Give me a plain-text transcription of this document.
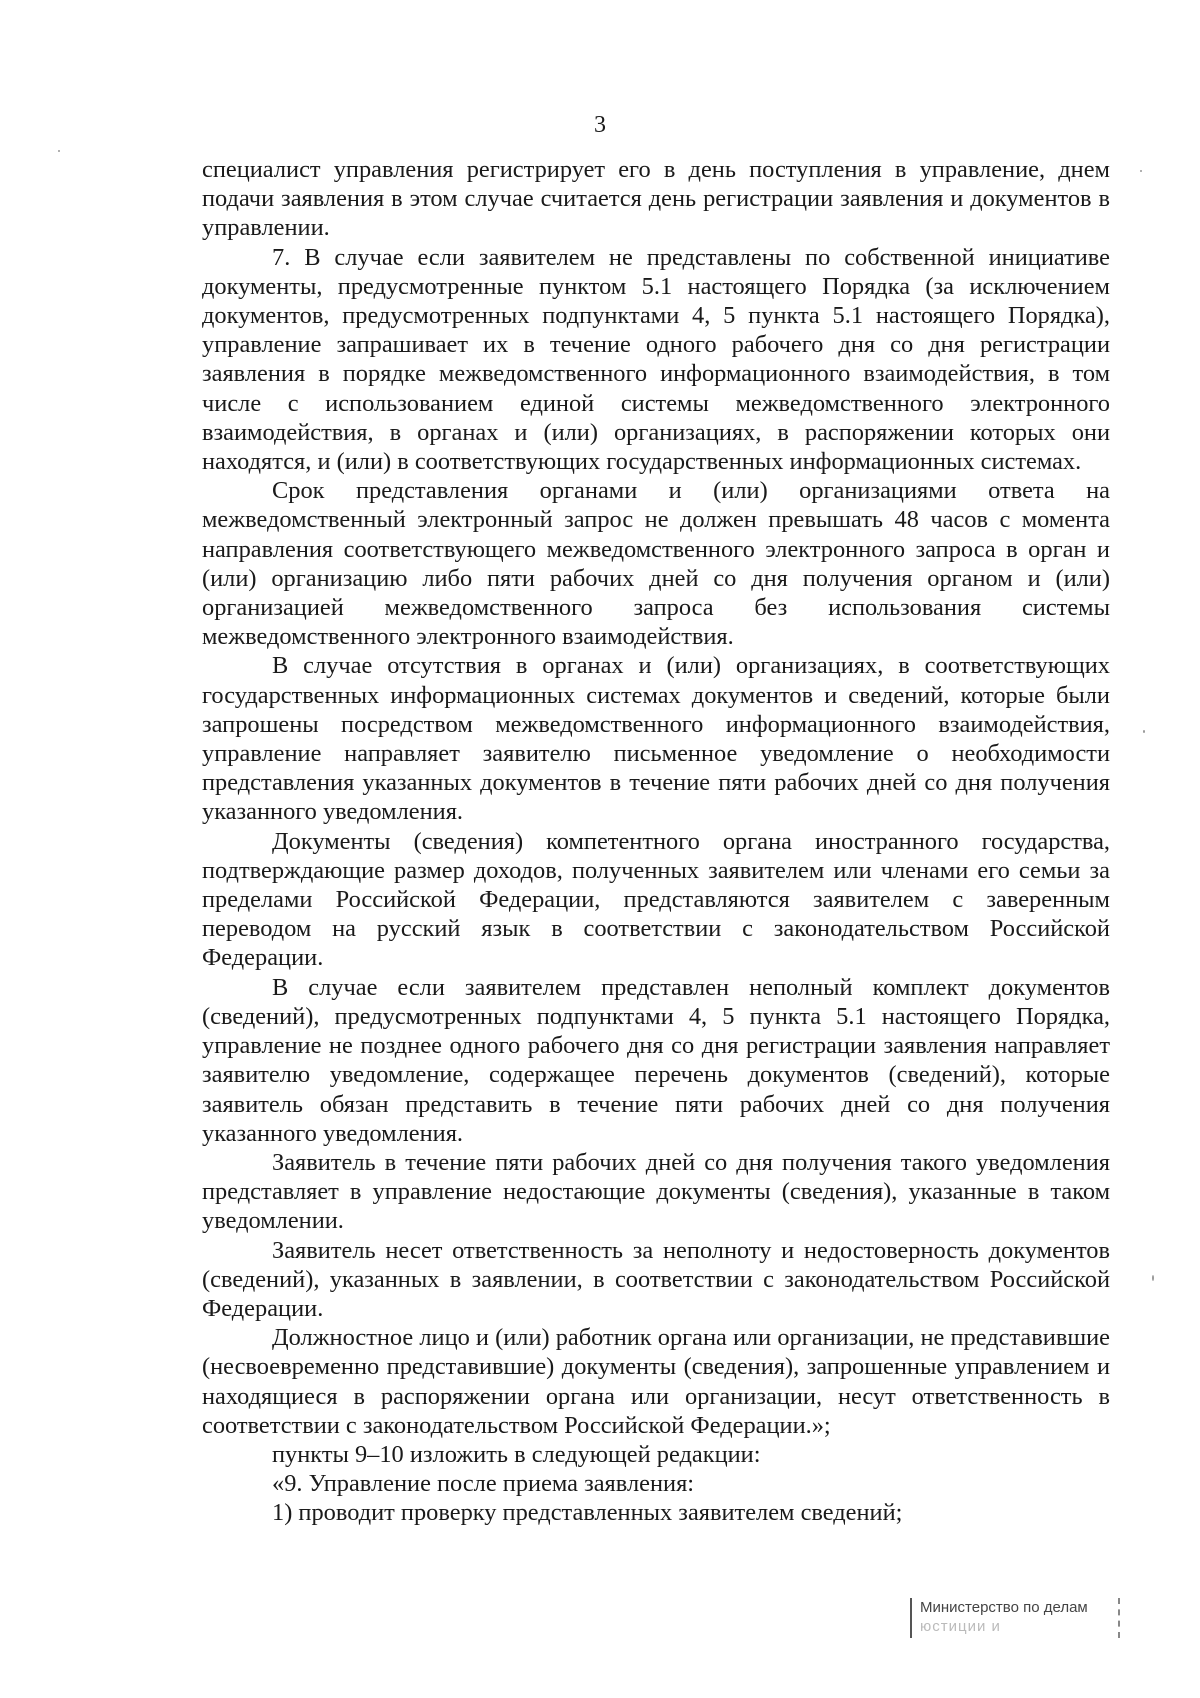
3

специалист управления регистрирует его в день поступления в управление, днем подачи заявления в этом случае считается день регистрации заявления и документов в управлении.

7. В случае если заявителем не представлены по собственной инициативе документы, предусмотренные пунктом 5.1 настоящего Порядка (за исключением документов, предусмотренных подпунктами 4, 5 пункта 5.1 настоящего Порядка), управление запрашивает их в течение одного рабочего дня со дня регистрации заявления в порядке межведомственного информационного взаимодействия, в том числе с использованием единой системы межведомственного электронного взаимодействия, в органах и (или) организациях, в распоряжении которых они находятся, и (или) в соответствующих государственных информационных системах.

Срок представления органами и (или) организациями ответа на межведомственный электронный запрос не должен превышать 48 часов с момента направления соответствующего межведомственного электронного запроса в орган и (или) организацию либо пяти рабочих дней со дня получения органом и (или) организацией межведомственного запроса без использования системы межведомственного электронного взаимодействия.

В случае отсутствия в органах и (или) организациях, в соответствующих государственных информационных системах документов и сведений, которые были запрошены посредством межведомственного информационного взаимодействия, управление направляет заявителю письменное уведомление о необходимости представления указанных документов в течение пяти рабочих дней со дня получения указанного уведомления.

Документы (сведения) компетентного органа иностранного государства, подтверждающие размер доходов, полученных заявителем или членами его семьи за пределами Российской Федерации, представляются заявителем с заверенным переводом на русский язык в соответствии с законодательством Российской Федерации.

В случае если заявителем представлен неполный комплект документов (сведений), предусмотренных подпунктами 4, 5 пункта 5.1 настоящего Порядка, управление не позднее одного рабочего дня со дня регистрации заявления направляет заявителю уведомление, содержащее перечень документов (сведений), которые заявитель обязан представить в течение пяти рабочих дней со дня получения указанного уведомления.

Заявитель в течение пяти рабочих дней со дня получения такого уведомления представляет в управление недостающие документы (сведения), указанные в таком уведомлении.

Заявитель несет ответственность за неполноту и недостоверность документов (сведений), указанных в заявлении, в соответствии с законодательством Российской Федерации.

Должностное лицо и (или) работник органа или организации, не представившие (несвоевременно представившие) документы (сведения), запрошенные управлением и находящиеся в распоряжении органа или организации, несут ответственность в соответствии с законодательством Российской Федерации.»;

пункты 9–10 изложить в следующей редакции:

«9. Управление после приема заявления:

1) проводит проверку представленных заявителем сведений;

Министерство по делам
юстиции и
